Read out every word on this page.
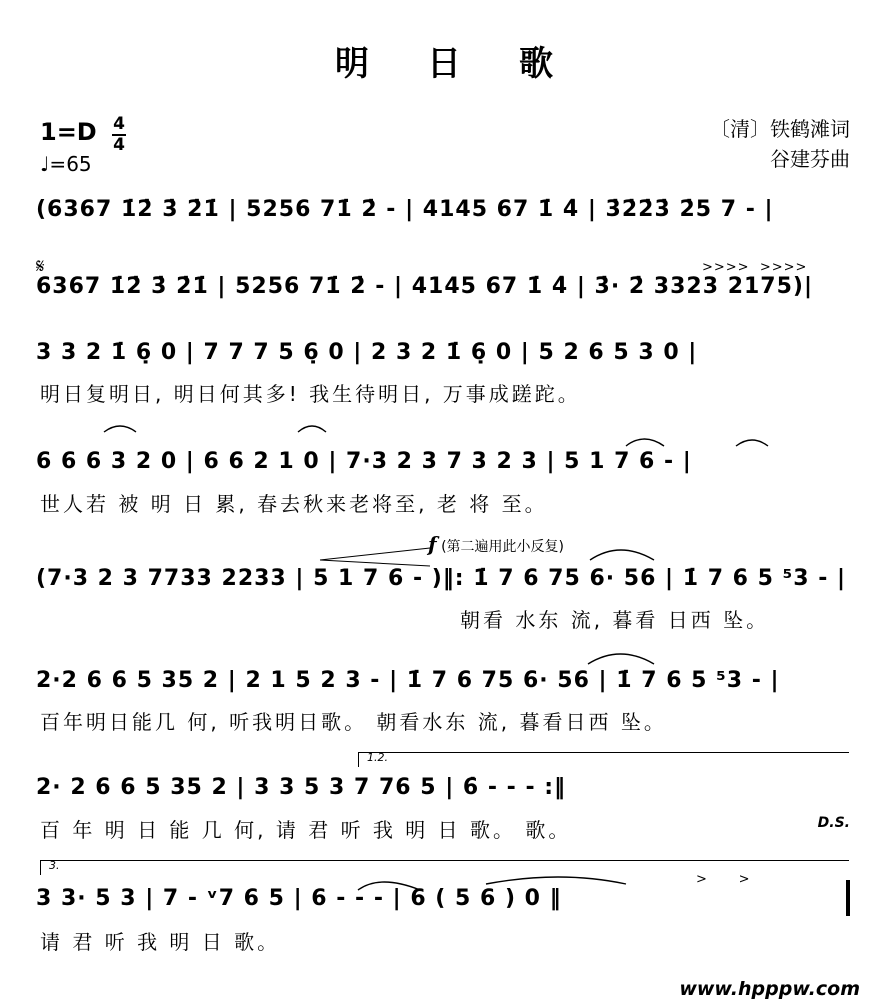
明日歌
1=D 4
4
♩=65
〔清〕铁鹤滩词
谷建芬曲
𝄋
f (第二遍用此小反复)
1.2.
3.
>>>>  >>>>
>      >
(6367 1̇2̇ 3̇ 2̇1̇ | 5256 71̇ 2̇ - | 4145 67 1̇ 4̇ | 3̇2̇2̇3̇ 2̇5 7 - |
6367 1̇2̇ 3̇ 2̇1̇ | 5256 71̇ 2̇ - | 4145 67 1̇ 4̇ | 3̇· 2̇ 3323 2175)|
3 3 2 1̇ 6̣ 0 | 7 7 7 5 6̣ 0 | 2 3 2 1̇ 6̣ 0 | 5 2 6 5 3 0 |
明日复明日, 明日何其多! 我生待明日, 万事成蹉跎。
6 6 6 3 2 0 | 6 6 2 1 0 | 7·3 2 3 7 3 2 3 | 5 1 7 6 - |
世人若 被 明 日 累, 春去秋来老将至, 老 将 至。
(7·3 2 3 7733 2233 | 5 1 7 6 - )‖: 1̇ 7 6 75 6· 56 | 1̇ 7 6 5 ⁵3 - |
朝看 水东 流, 暮看 日西 坠。
2·2 6 6 5 35 2 | 2 1 5 2 3 - | 1̇ 7 6 75 6· 56 | 1̇ 7 6 5 ⁵3 - |
百年明日能几 何, 听我明日歌。 朝看水东 流, 暮看日西 坠。
2· 2 6 6 5 35 2 | 3 3 5 3 7 76 5 | 6̇ - - - :‖
百 年 明 日 能 几 何, 请 君 听 我 明 日 歌。 歌。
3 3· 5 3 | 7 - ᵛ7 6 5 | 6 - - - | 6 ( 5 6 ) 0 ‖
请 君 听 我 明 日 歌。
D.S.
www.hpppw.com
